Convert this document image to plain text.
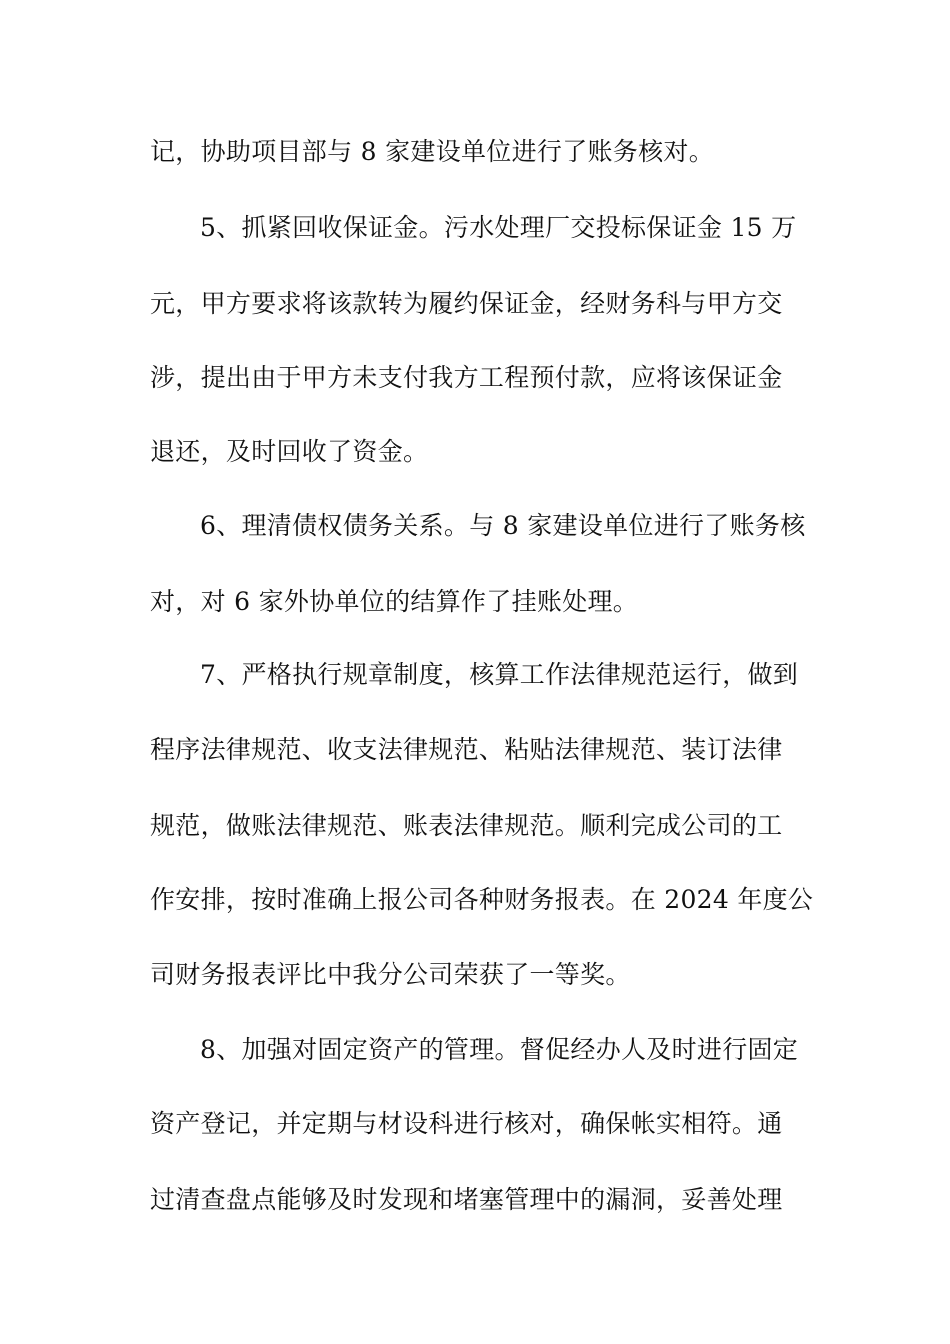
记，协助项目部与 8 家建设单位进行了账务核对。
5、抓紧回收保证金。污水处理厂交投标保证金 15 万
元，甲方要求将该款转为履约保证金，经财务科与甲方交
涉，提出由于甲方未支付我方工程预付款，应将该保证金
退还，及时回收了资金。
6、理清债权债务关系。与 8 家建设单位进行了账务核
对，对 6 家外协单位的结算作了挂账处理。
7、严格执行规章制度，核算工作法律规范运行，做到
程序法律规范、收支法律规范、粘贴法律规范、装订法律
规范，做账法律规范、账表法律规范。顺利完成公司的工
作安排，按时准确上报公司各种财务报表。在 2024 年度公
司财务报表评比中我分公司荣获了一等奖。
8、加强对固定资产的管理。督促经办人及时进行固定
资产登记，并定期与材设科进行核对，确保帐实相符。通
过清查盘点能够及时发现和堵塞管理中的漏洞，妥善处理
